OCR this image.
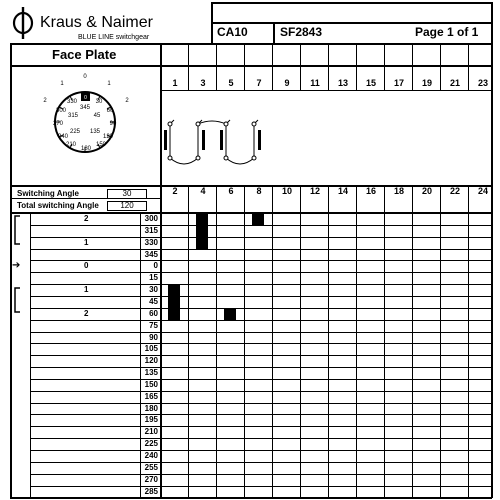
Kraus & Naimer
BLUE LINE switchgear	CA10	SF2843	Page 1 of 1
Face Plate
0
0
1
2
1
2
330
300
315
345
30
60
45
90
270
225
240
135
120
210
180
150
Switching Angle	30
Total switching Angle	120
1	3	5	7	9	11 13 15 17 19 21 23
2	4	6	8	10 12 14 16 18 20 22 24
2	300
315
1	330
345
0	0
15
1	30
45
2	60
75
90
105
120
135
150
165
180
195
210
225
240
255
270
285
➔
